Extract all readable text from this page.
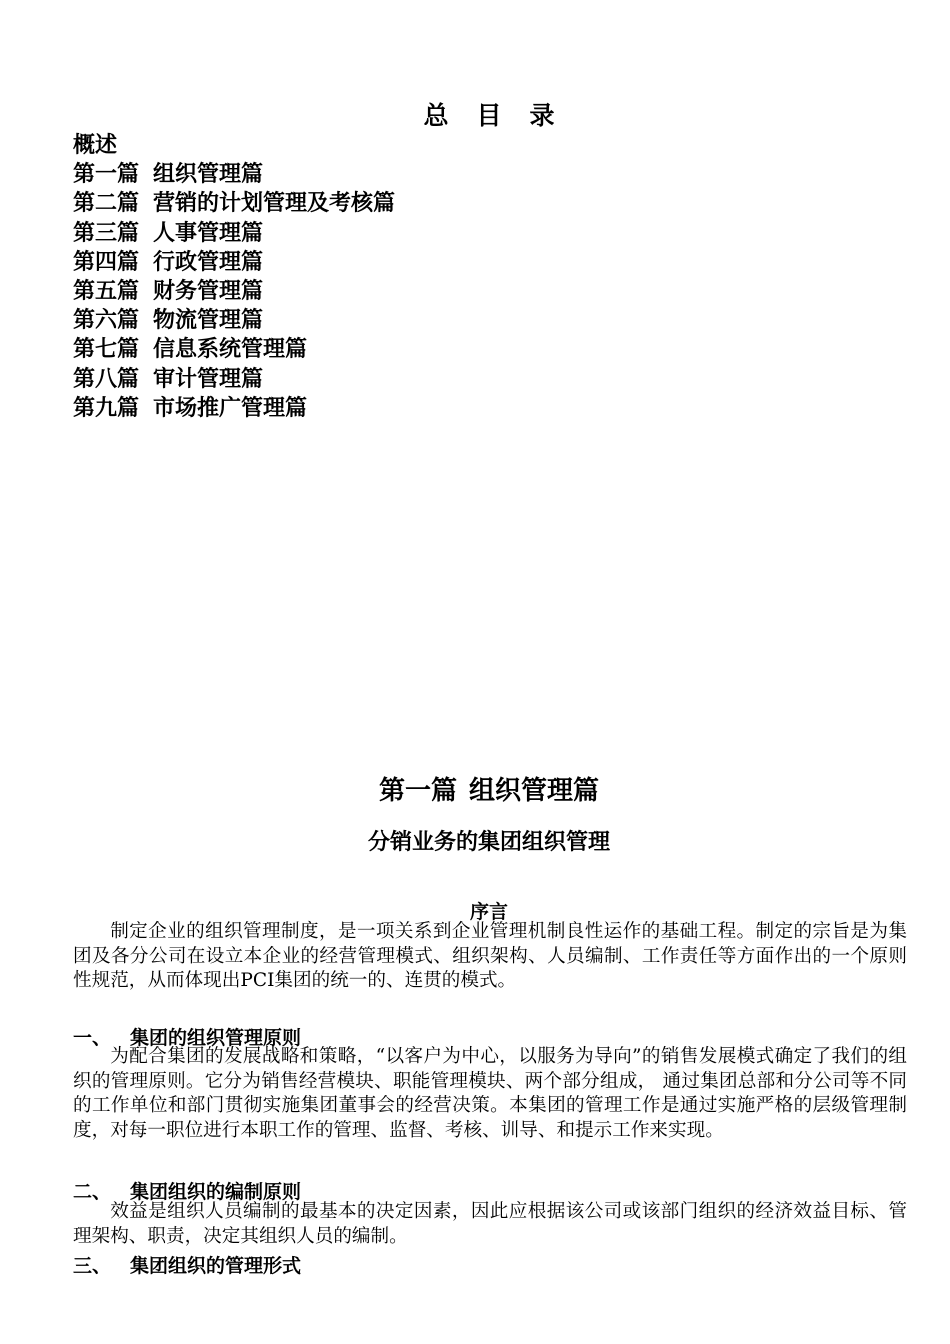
总 目 录
概述
第一篇 组织管理篇
第二篇 营销的计划管理及考核篇
第三篇 人事管理篇
第四篇 行政管理篇
第五篇 财务管理篇
第六篇 物流管理篇
第七篇 信息系统管理篇
第八篇 审计管理篇
第九篇 市场推广管理篇
第一篇 组织管理篇
分销业务的集团组织管理
序言

制定企业的组织管理制度，是一项关系到企业管理机制良性运作的基础工程。制定的宗旨是为集团及各分公司在设立本企业的经营管理模式、组织架构、人员编制、工作责任等方面作出的一个原则性规范，从而体现出PCI集团的统一的、连贯的模式。

一、 集团的组织管理原则

为配合集团的发展战略和策略，“以客户为中心，以服务为导向”的销售发展模式确定了我们的组织的管理原则。它分为销售经营模块、职能管理模块、两个部分组成， 通过集团总部和分公司等不同的工作单位和部门贯彻实施集团董事会的经营决策。本集团的管理工作是通过实施严格的层级管理制度，对每一职位进行本职工作的管理、监督、考核、训导、和提示工作来实现。

二、 集团组织的编制原则

效益是组织人员编制的最基本的决定因素，因此应根据该公司或该部门组织的经济效益目标、管理架构、职责，决定其组织人员的编制。

三、 集团组织的管理形式
